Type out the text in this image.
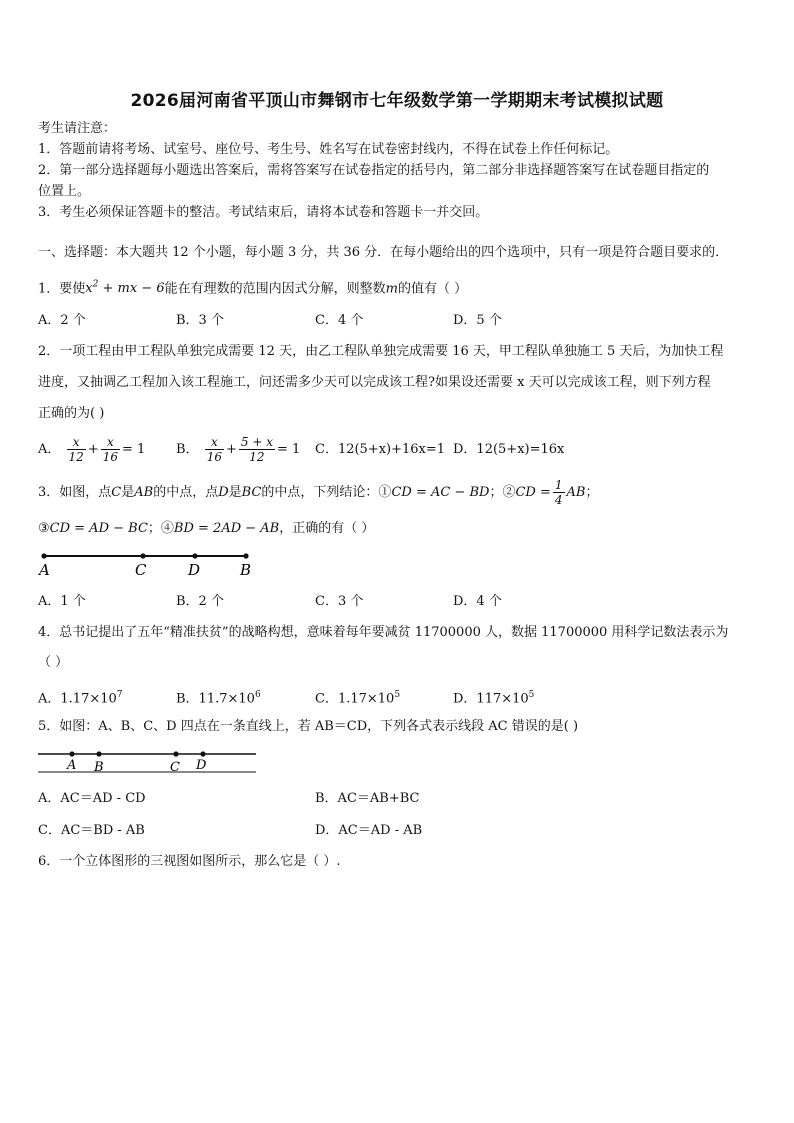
2026届河南省平顶山市舞钢市七年级数学第一学期期末考试模拟试题
考生请注意：
1．答题前请将考场、试室号、座位号、考生号、姓名写在试卷密封线内，不得在试卷上作任何标记。
2．第一部分选择题每小题选出答案后，需将答案写在试卷指定的括号内，第二部分非选择题答案写在试卷题目指定的
位置上。
3．考生必须保证答题卡的整洁。考试结束后，请将本试卷和答题卡一并交回。
一、选择题：本大题共 12 个小题，每小题 3 分，共 36 分．在每小题给出的四个选项中，只有一项是符合题目要求的．
1．要使$x^2$ + mx − 6能在有理数的范围内因式分解，则整数m的值有（ ）
A．2 个	B．3 个	C．4 个	D．5 个
2．一项工程由甲工程队单独完成需要 12 天，由乙工程队单独完成需要 16 天，甲工程队单独施工 5 天后，为加快工程
进度，又抽调乙工程加入该工程施工，问还需多少天可以完成该工程?如果设还需要 x 天可以完成该工程，则下列方程
正确的为( )
A． $\frac{x}{12} + \frac{x}{16} = 1$ B． $\frac{x}{16} + \frac{5 + x}{12} = 1$ C．12(5+x)+16x=1 D．12(5+x)=16x
3．如图，点C是AB的中点，点D是BC的中点，下列结论：①CD = AC − BD；②CD = $\frac{1}{4}$ AB；
③CD = AD − BC；④BD = 2AD − AB，正确的有（ ）
A	C	D	B
A．1 个	B．2 个	C．3 个	D．4 个
4．总书记提出了五年“精准扶贫”的战略构想，意味着每年要减贫 11700000 人，数据 11700000 用科学记数法表示为
（ ）
A．$1.17\times 10^7$	B．$11.7\times 10^6$	C．$1.17\times 10^5$	D．$117\times 10^5$
5．如图：A、B、C、D 四点在一条直线上，若 AB＝CD，下列各式表示线段 AC 错误的是( )
A B	C D
A．AC＝AD - CD	B．AC＝AB+BC
C．AC＝BD - AB	D．AC＝AD - AB
6．一个立体图形的三视图如图所示，那么它是（ ）.
